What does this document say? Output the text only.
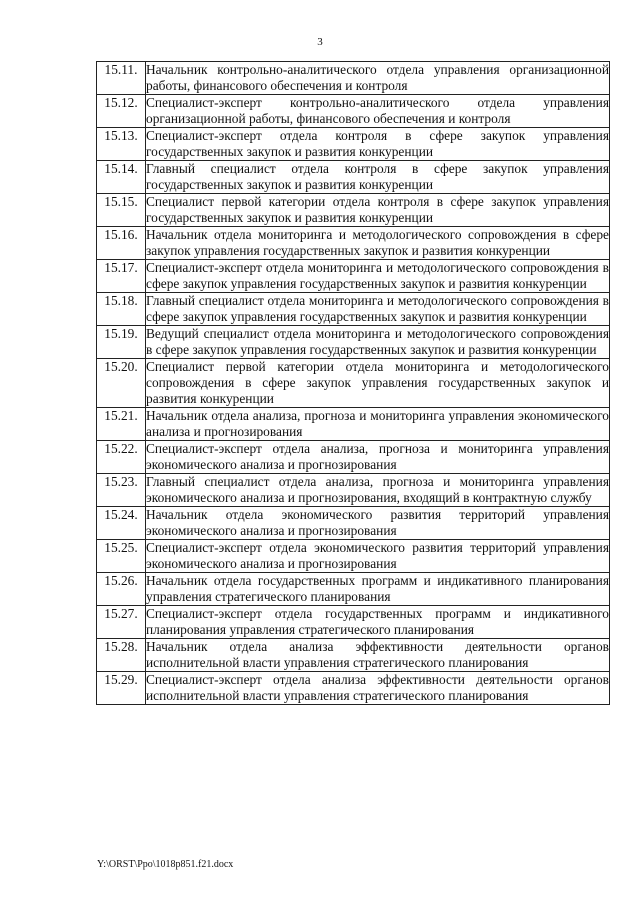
3
15.11.	Начальник контрольно-аналитического отдела управления организационной работы, финансового обеспечения и контроля
15.12.	Специалист-эксперт контрольно-аналитического отдела управления организационной работы, финансового обеспечения и контроля
15.13.	Специалист-эксперт отдела контроля в сфере закупок управления государственных закупок и развития конкуренции
15.14.	Главный специалист отдела контроля в сфере закупок управления государственных закупок и развития конкуренции
15.15.	Специалист первой категории отдела контроля в сфере закупок управления государственных закупок и развития конкуренции
15.16.	Начальник отдела мониторинга и методологического сопровождения в сфере закупок управления государственных закупок и развития конкуренции
15.17.	Специалист-эксперт отдела мониторинга и методологического сопровождения в сфере закупок управления государственных закупок и развития конкуренции
15.18.	Главный специалист отдела мониторинга и методологического сопровождения в сфере закупок управления государственных закупок и развития конкуренции
15.19.	Ведущий специалист отдела мониторинга и методологического сопровождения в сфере закупок управления государственных закупок и развития конкуренции
15.20.	Специалист первой категории отдела мониторинга и методологического сопровождения в сфере закупок управления государственных закупок и развития конкуренции
15.21.	Начальник отдела анализа, прогноза и мониторинга управления экономического анализа и прогнозирования
15.22.	Специалист-эксперт отдела анализа, прогноза и мониторинга управления экономического анализа и прогнозирования
15.23.	Главный специалист отдела анализа, прогноза и мониторинга управления экономического анализа и прогнозирования, входящий в контрактную службу
15.24.	Начальник отдела экономического развития территорий управления экономического анализа и прогнозирования
15.25.	Специалист-эксперт отдела экономического развития территорий управления экономического анализа и прогнозирования
15.26.	Начальник отдела государственных программ и индикативного планирования управления стратегического планирования
15.27.	Специалист-эксперт отдела государственных программ и индикативного планирования управления стратегического планирования
15.28.	Начальник отдела анализа эффективности деятельности органов исполнительной власти управления стратегического планирования
15.29.	Специалист-эксперт отдела анализа эффективности деятельности органов исполнительной власти управления стратегического планирования
Y:\ORST\Ppo\1018p851.f21.docx
